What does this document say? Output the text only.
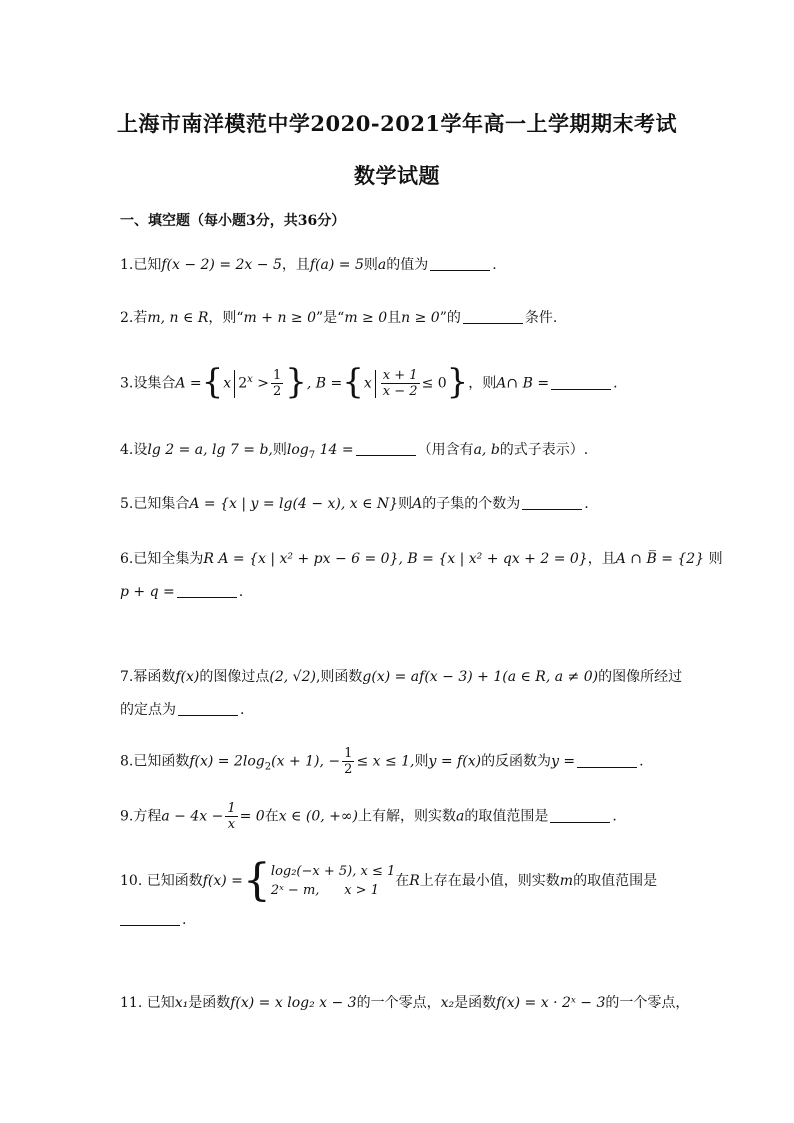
上海市南洋模范中学2020-2021学年高一上学期期末考试
数学试题
一、填空题（每小题3分，共36分）
1.已知f(x − 2) = 2x − 5，且f(a) = 5则a的值为	.
2.若m, n ∈ R，则“m + n ≥ 0”是“m ≥ 0且n ≥ 0”的	条件.
3.设集合A ={x $2^x > \frac{1}{2}$ }, $B =\{x \frac{x + 1}{x - 2} \le 0\}$，则A∩ B =	.
4.设lg 2 = a, lg 7 = b,则$\log_7 14$ =	（用含有a, b的式子表示）.
5.已知集合A = {x | y = lg(4 − x), x ∈ N}则A的子集的个数为	.
6.已知全集为R A = {x | x² + px − 6 = 0}, B = {x | x² + qx + 2 = 0}，且A ∩ B̅ = {2} 则
p + q =	.
7.幂函数f(x)的图像过点(2, √2),则函数g(x) = af(x − 3) + 1(a ∈ R, a ≠ 0)的图像所经过
的定点为	.
8.已知函数$f(x) = 2\log_2(x + 1)$, − $\frac{1}{2} \le x \le 1$,则y = f(x)的反函数为y =	.
9.方程$a - 4x - \frac{1}{x} = 0$在x ∈ (0, +∞)上有解，则实数a的取值范围是	.
10. 已知函数f(x) ={ log₂(−x + 5), x ≤ 1
2ˣ − m,      x > 1
在R上存在最小值，则实数m的取值范围是
.
11. 已知x₁是函数f(x) = x log₂ x − 3的一个零点，x₂是函数f(x) = x · 2ˣ − 3的一个零点，
